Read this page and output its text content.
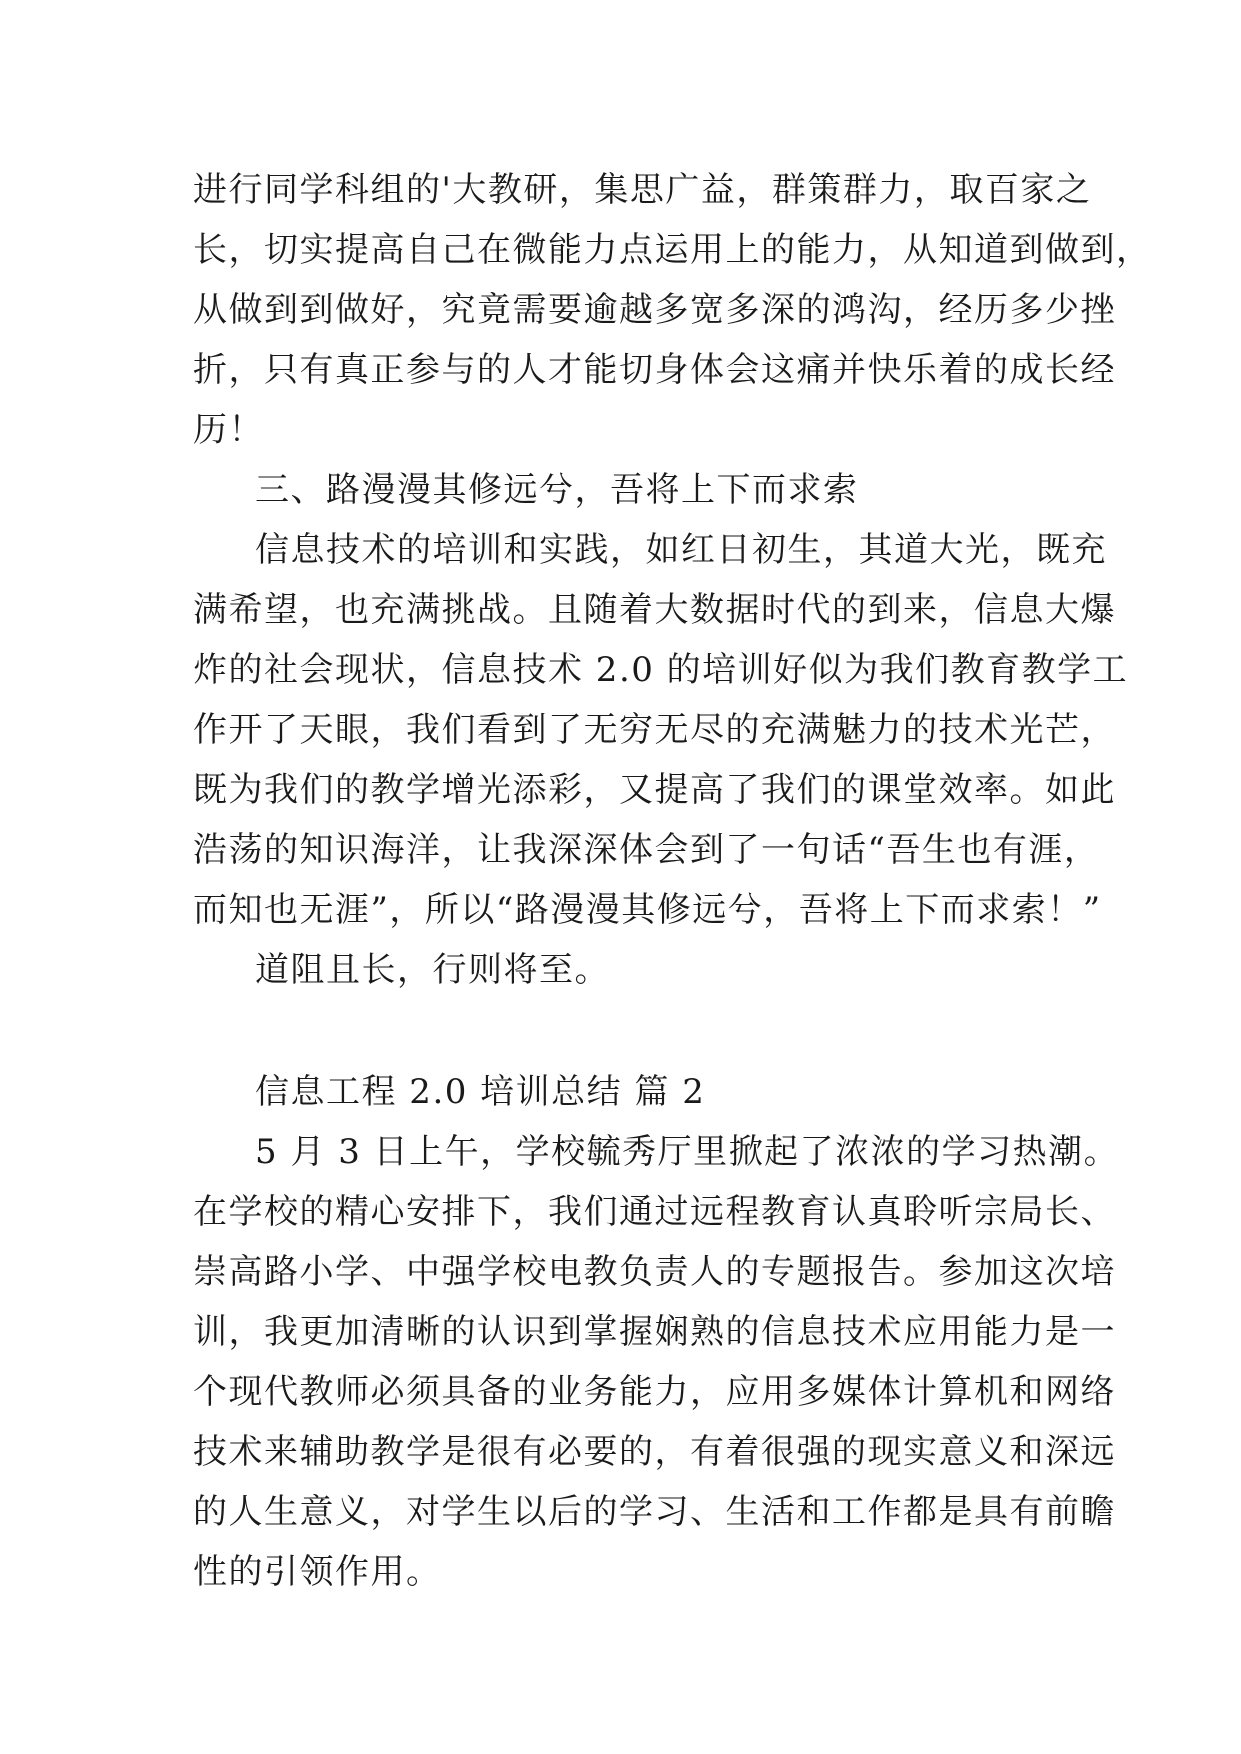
进行同学科组的'大教研，集思广益，群策群力，取百家之
长，切实提高自己在微能力点运用上的能力，从知道到做到，
从做到到做好，究竟需要逾越多宽多深的鸿沟，经历多少挫
折，只有真正参与的人才能切身体会这痛并快乐着的成长经
历！
三、路漫漫其修远兮，吾将上下而求索
信息技术的培训和实践，如红日初生，其道大光，既充
满希望，也充满挑战。且随着大数据时代的到来，信息大爆
炸的社会现状，信息技术 2.0 的培训好似为我们教育教学工
作开了天眼，我们看到了无穷无尽的充满魅力的技术光芒，
既为我们的教学增光添彩，又提高了我们的课堂效率。如此
浩荡的知识海洋，让我深深体会到了一句话“吾生也有涯，
而知也无涯”，所以“路漫漫其修远兮，吾将上下而求索！”
道阻且长，行则将至。
信息工程 2.0 培训总结 篇 2
5 月 3 日上午，学校毓秀厅里掀起了浓浓的学习热潮。
在学校的精心安排下，我们通过远程教育认真聆听宗局长、
崇高路小学、中强学校电教负责人的专题报告。参加这次培
训，我更加清晰的认识到掌握娴熟的信息技术应用能力是一
个现代教师必须具备的业务能力，应用多媒体计算机和网络
技术来辅助教学是很有必要的，有着很强的现实意义和深远
的人生意义，对学生以后的学习、生活和工作都是具有前瞻
性的引领作用。
